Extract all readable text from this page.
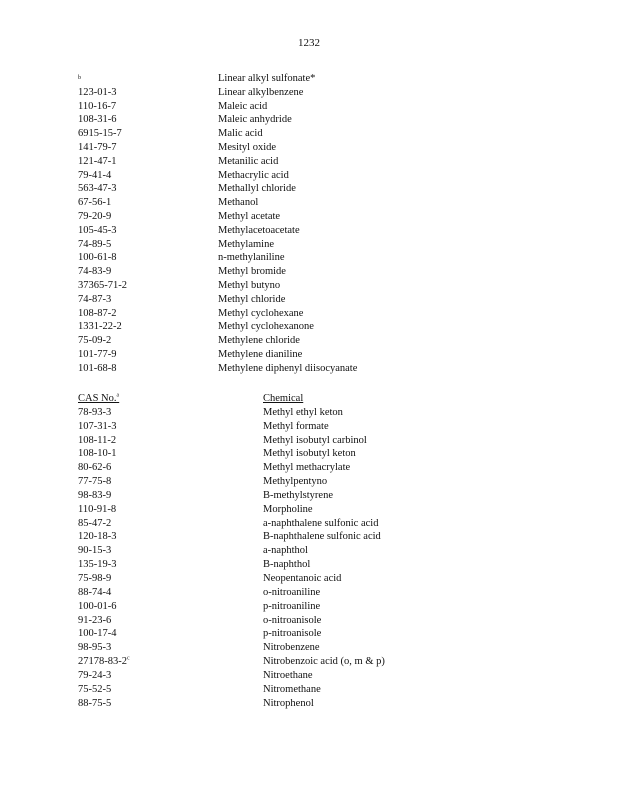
1232
b	Linear alkyl sulfonate*
123-01-3	Linear alkylbenzene
110-16-7	Maleic acid
108-31-6	Maleic anhydride
6915-15-7	Malic acid
141-79-7	Mesityl oxide
121-47-1	Metanilic acid
79-41-4	Methacrylic acid
563-47-3	Methallyl chloride
67-56-1	Methanol
79-20-9	Methyl acetate
105-45-3	Methylacetoacetate
74-89-5	Methylamine
100-61-8	n-methylaniline
74-83-9	Methyl bromide
37365-71-2	Methyl butyno
74-87-3	Methyl chloride
108-87-2	Methyl cyclohexane
1331-22-2	Methyl cyclohexanone
75-09-2	Methylene chloride
101-77-9	Methylene dianiline
101-68-8	Methylene diphenyl diisocyanate
CAS No.$^a$	Chemical
78-93-3	Methyl ethyl keton
107-31-3	Methyl formate
108-11-2	Methyl isobutyl carbinol
108-10-1	Methyl isobutyl keton
80-62-6	Methyl methacrylate
77-75-8	Methylpentyno
98-83-9	B-methylstyrene
110-91-8	Morpholine
85-47-2	a-naphthalene sulfonic acid
120-18-3	B-naphthalene sulfonic acid
90-15-3	a-naphthol
135-19-3	B-naphthol
75-98-9	Neopentanoic acid
88-74-4	o-nitroaniline
100-01-6	p-nitroaniline
91-23-6	o-nitroanisole
100-17-4	p-nitroanisole
98-95-3	Nitrobenzene
27178-83-2$^c$	Nitrobenzoic acid (o, m & p)
79-24-3	Nitroethane
75-52-5	Nitromethane
88-75-5	Nitrophenol
